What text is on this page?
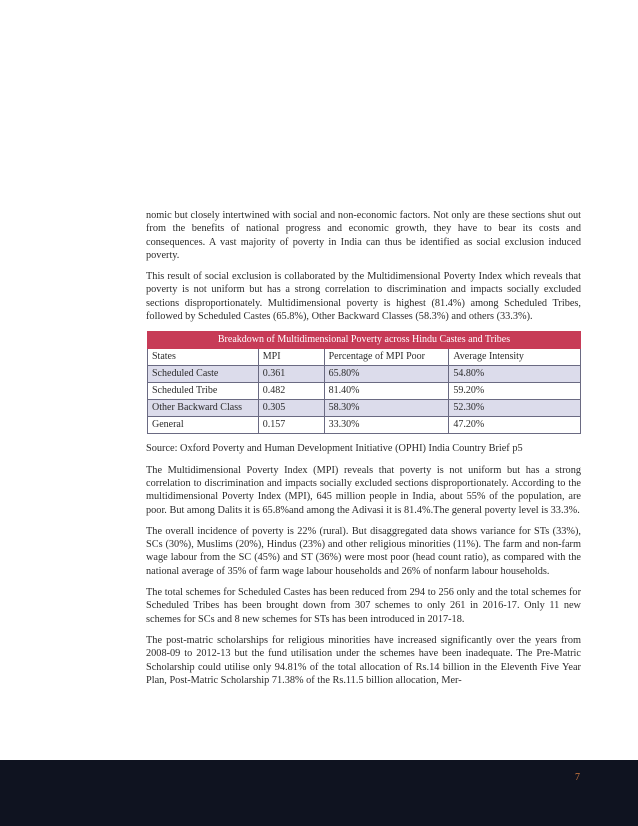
nomic but closely intertwined with social and non-economic factors. Not only are these sections shut out from the benefits of national progress and economic growth, they have to bear its costs and consequences. A vast majority of poverty in India can thus be identified as social exclusion induced poverty.

This result of social exclusion is collaborated by the Multidimensional Poverty Index which reveals that poverty is not uniform but has a strong correlation to discrimination and impacts socially excluded sections disproportionately. Multidimensional poverty is highest (81.4%) among Scheduled Tribes, followed by Scheduled Castes (65.8%), Other Backward Classes (58.3%) and others (33.3%).

Breakdown of Multidimensional Poverty across Hindu Castes and Tribes			
States	MPI	Percentage of MPI Poor	Average Intensity
Scheduled Caste	0.361	65.80%	54.80%
Scheduled Tribe	0.482	81.40%	59.20%
Other Backward Class	0.305	58.30%	52.30%
General	0.157	33.30%	47.20%

Source: Oxford Poverty and Human Development Initiative (OPHI) India Country Brief p5

The Multidimensional Poverty Index (MPI) reveals that poverty is not uniform but has a strong correlation to discrimination and impacts socially excluded sections disproportionately. According to the multidimensional Poverty Index (MPI), 645 million people in India, about 55% of the population, are poor. But among Dalits it is 65.8%and among the Adivasi it is 81.4%.The general poverty level is 33.3%.

The overall incidence of poverty is 22% (rural). But disaggregated data shows variance for STs (33%), SCs (30%), Muslims (20%), Hindus (23%) and other religious minorities (11%). The farm and non-farm wage labour from the SC (45%) and ST (36%) were most poor (head count ratio), as compared with the national average of 35% of farm wage labour households and 26% of nonfarm labour households.

The total schemes for Scheduled Castes has been reduced from 294 to 256 only and the total schemes for Scheduled Tribes has been brought down from 307 schemes to only 261 in 2016-17. Only 11 new schemes for SCs and 8 new schemes for STs has been introduced in 2017-18.

The post-matric scholarships for religious minorities have increased significantly over the years from 2008-09 to 2012-13 but the fund utilisation under the schemes have been inadequate. The Pre-Matric Scholarship could utilise only 94.81% of the total allocation of Rs.14 billion in the Eleventh Five Year Plan, Post-Matric Scholarship 71.38% of the Rs.11.5 billion allocation, Mer-

7
